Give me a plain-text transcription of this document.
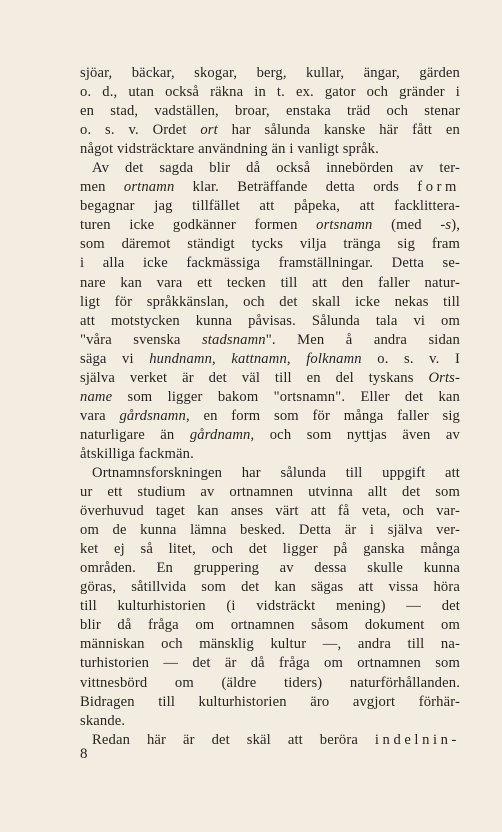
sjöar, bäckar, skogar, berg, kullar, ängar, gärden
o. d., utan också räkna in t. ex. gator och gränder i
en stad, vadställen, broar, enstaka träd och stenar
o. s. v. Ordet ort har sålunda kanske här fått en
något vidsträcktare användning än i vanligt språk.
Av det sagda blir då också innebörden av ter-
men ortnamn klar. Beträffande detta ords form
begagnar jag tillfället att påpeka, att facklittera-
turen icke godkänner formen ortsnamn (med -s),
som däremot ständigt tycks vilja tränga sig fram
i alla icke fackmässiga framställningar. Detta se-
nare kan vara ett tecken till att den faller natur-
ligt för språkkänslan, och det skall icke nekas till
att motstycken kunna påvisas. Sålunda tala vi om
"våra svenska stadsnamn". Men å andra sidan
säga vi hundnamn, kattnamn, folknamn o. s. v. I
själva verket är det väl till en del tyskans Orts-
name som ligger bakom "ortsnamn". Eller det kan
vara gårdsnamn, en form som för många faller sig
naturligare än gårdnamn, och som nyttjas även av
åtskilliga fackmän.
Ortnamnsforskningen har sålunda till uppgift att
ur ett studium av ortnamnen utvinna allt det som
överhuvud taget kan anses värt att få veta, och var-
om de kunna lämna besked. Detta är i själva ver-
ket ej så litet, och det ligger på ganska många
områden. En gruppering av dessa skulle kunna
göras, såtillvida som det kan sägas att vissa höra
till kulturhistorien (i vidsträckt mening) — det
blir då fråga om ortnamnen såsom dokument om
människan och mänsklig kultur —, andra till na-
turhistorien — det är då fråga om ortnamnen som
vittnesbörd om (äldre tiders) naturförhållanden.
Bidragen till kulturhistorien äro avgjort förhär-
skande.
Redan här är det skäl att beröra indelnin-
8
